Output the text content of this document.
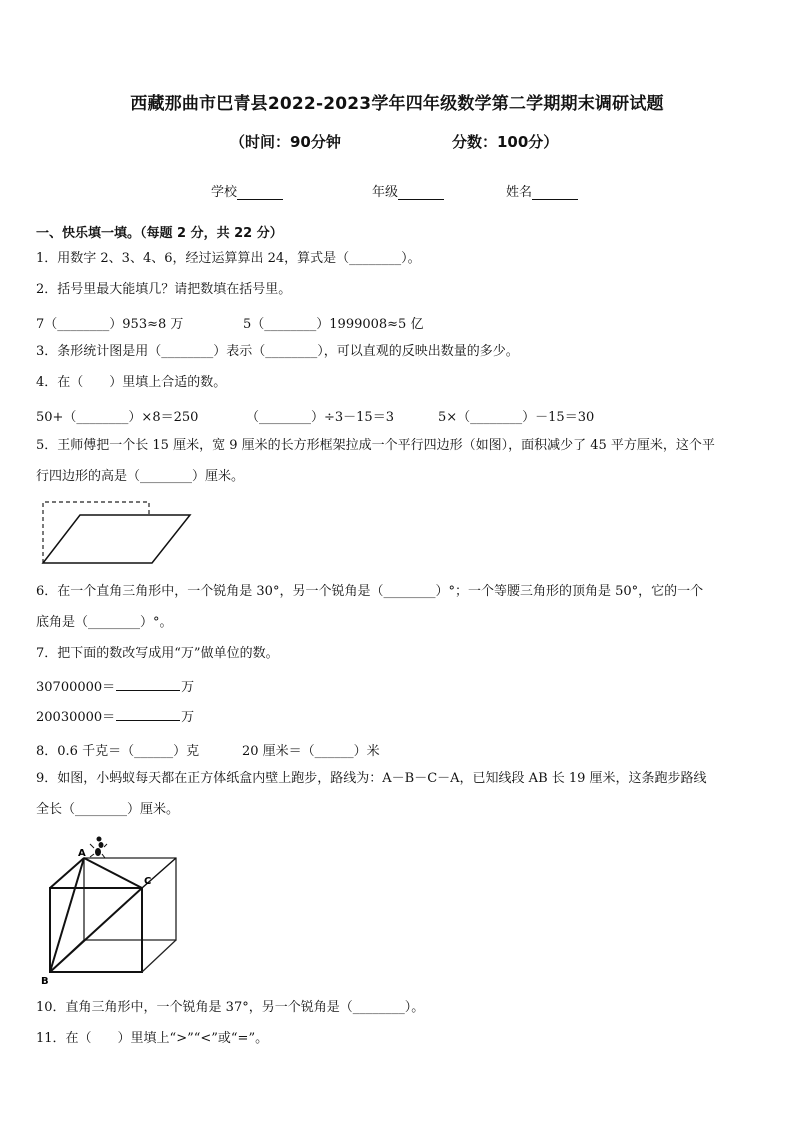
西藏那曲市巴青县2022-2023学年四年级数学第二学期期末调研试题
（时间：90分钟	分数：100分）
学校	年级	姓名
一、快乐填一填。（每题 2 分，共 22 分）
1．用数字 2、3、4、6，经过运算算出 24，算式是（________）。
2．括号里最大能填几？请把数填在括号里。
7（________）953≈8 万	5（________）1999008≈5 亿
3．条形统计图是用（________）表示（________），可以直观的反映出数量的多少。
4．在（　　）里填上合适的数。
50+（________）×8＝250	（________）÷3－15＝3	5×（________）－15＝30
5．王师傅把一个长 15 厘米，宽 9 厘米的长方形框架拉成一个平行四边形（如图），面积减少了 45 平方厘米，这个平
行四边形的高是（________）厘米。
6．在一个直角三角形中，一个锐角是 30°，另一个锐角是（________）°；一个等腰三角形的顶角是 50°，它的一个
底角是（________）°。
7．把下面的数改写成用“万”做单位的数。
30700000＝	万
20030000＝	万
8．0.6 千克＝（______）克	20 厘米＝（______）米
9．如图，小蚂蚁每天都在正方体纸盒内壁上跑步，路线为：A－B－C－A，已知线段 AB 长 19 厘米，这条跑步路线
全长（________）厘米。
A
B
C
10．直角三角形中，一个锐角是 37°，另一个锐角是（________）。
11．在（　　）里填上“>”“<”或“=”。
